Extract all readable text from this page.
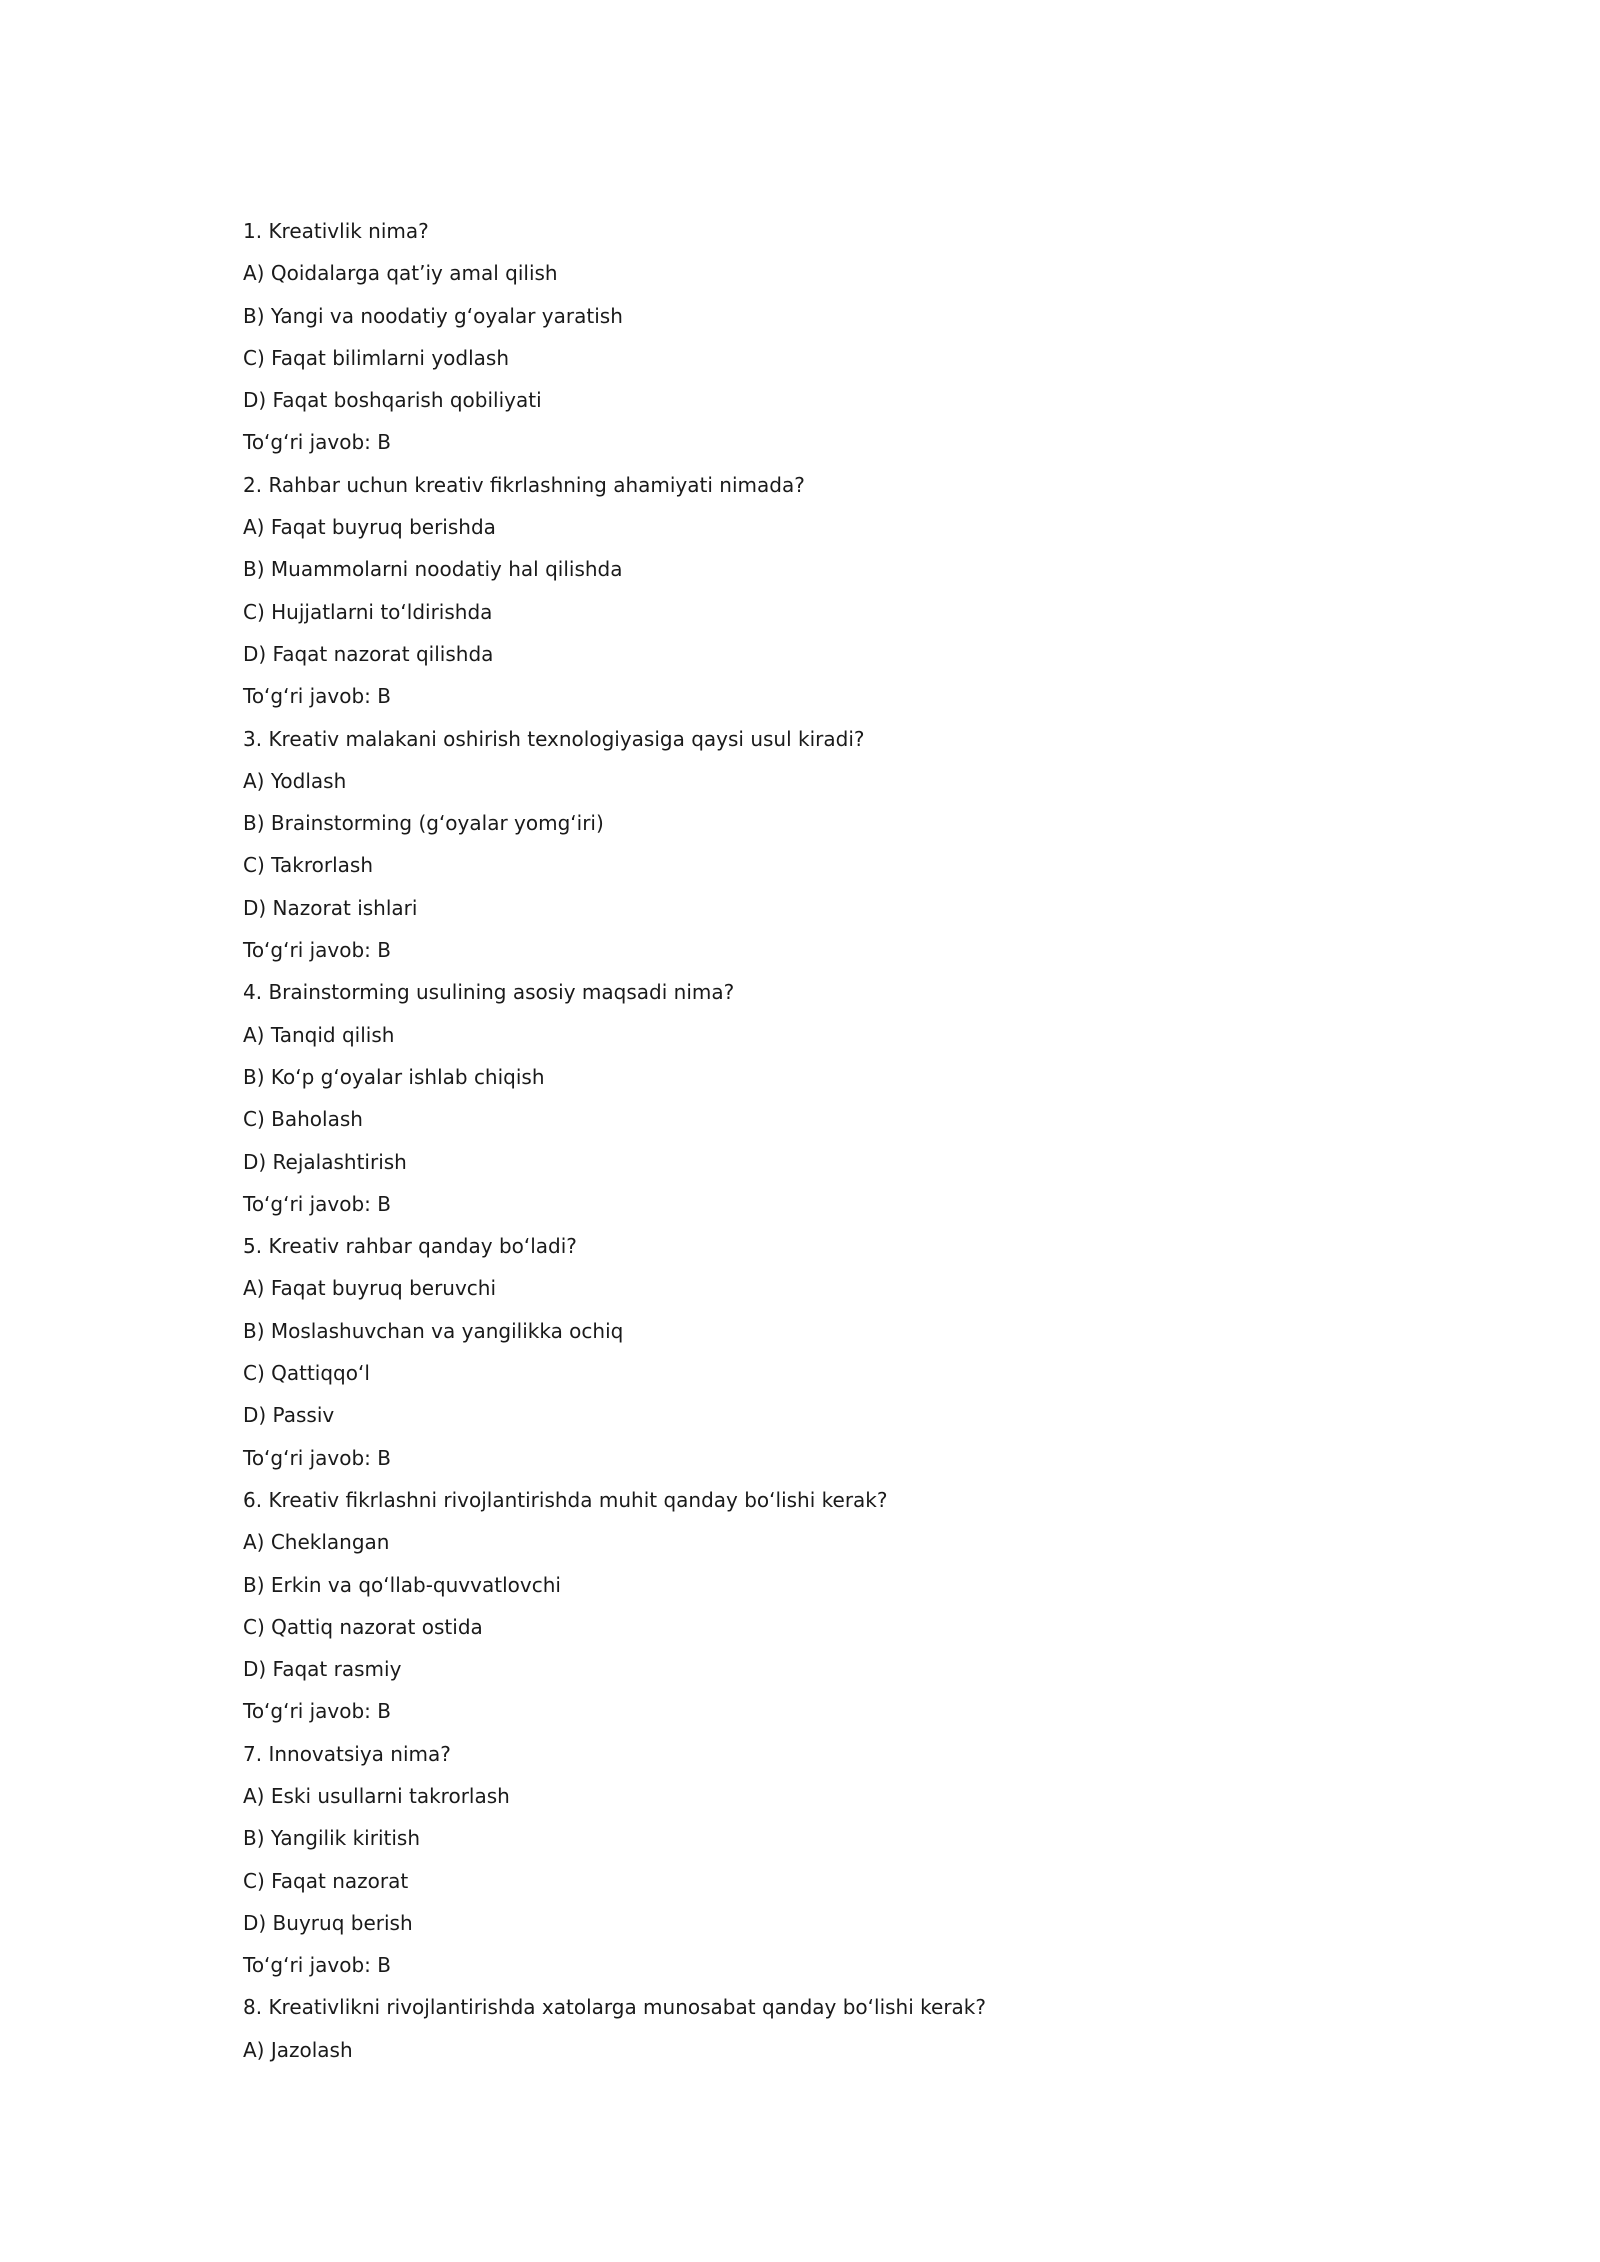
1. Kreativlik nima?
A) Qoidalarga qat’iy amal qilish
B) Yangi va noodatiy g‘oyalar yaratish
C) Faqat bilimlarni yodlash
D) Faqat boshqarish qobiliyati
To‘g‘ri javob: B
2. Rahbar uchun kreativ fikrlashning ahamiyati nimada?
A) Faqat buyruq berishda
B) Muammolarni noodatiy hal qilishda
C) Hujjatlarni to‘ldirishda
D) Faqat nazorat qilishda
To‘g‘ri javob: B
3. Kreativ malakani oshirish texnologiyasiga qaysi usul kiradi?
A) Yodlash
B) Brainstorming (g‘oyalar yomg‘iri)
C) Takrorlash
D) Nazorat ishlari
To‘g‘ri javob: B
4. Brainstorming usulining asosiy maqsadi nima?
A) Tanqid qilish
B) Ko‘p g‘oyalar ishlab chiqish
C) Baholash
D) Rejalashtirish
To‘g‘ri javob: B
5. Kreativ rahbar qanday bo‘ladi?
A) Faqat buyruq beruvchi
B) Moslashuvchan va yangilikka ochiq
C) Qattiqqo‘l
D) Passiv
To‘g‘ri javob: B
6. Kreativ fikrlashni rivojlantirishda muhit qanday bo‘lishi kerak?
A) Cheklangan
B) Erkin va qo‘llab-quvvatlovchi
C) Qattiq nazorat ostida
D) Faqat rasmiy
To‘g‘ri javob: B
7. Innovatsiya nima?
A) Eski usullarni takrorlash
B) Yangilik kiritish
C) Faqat nazorat
D) Buyruq berish
To‘g‘ri javob: B
8. Kreativlikni rivojlantirishda xatolarga munosabat qanday bo‘lishi kerak?
A) Jazolash
